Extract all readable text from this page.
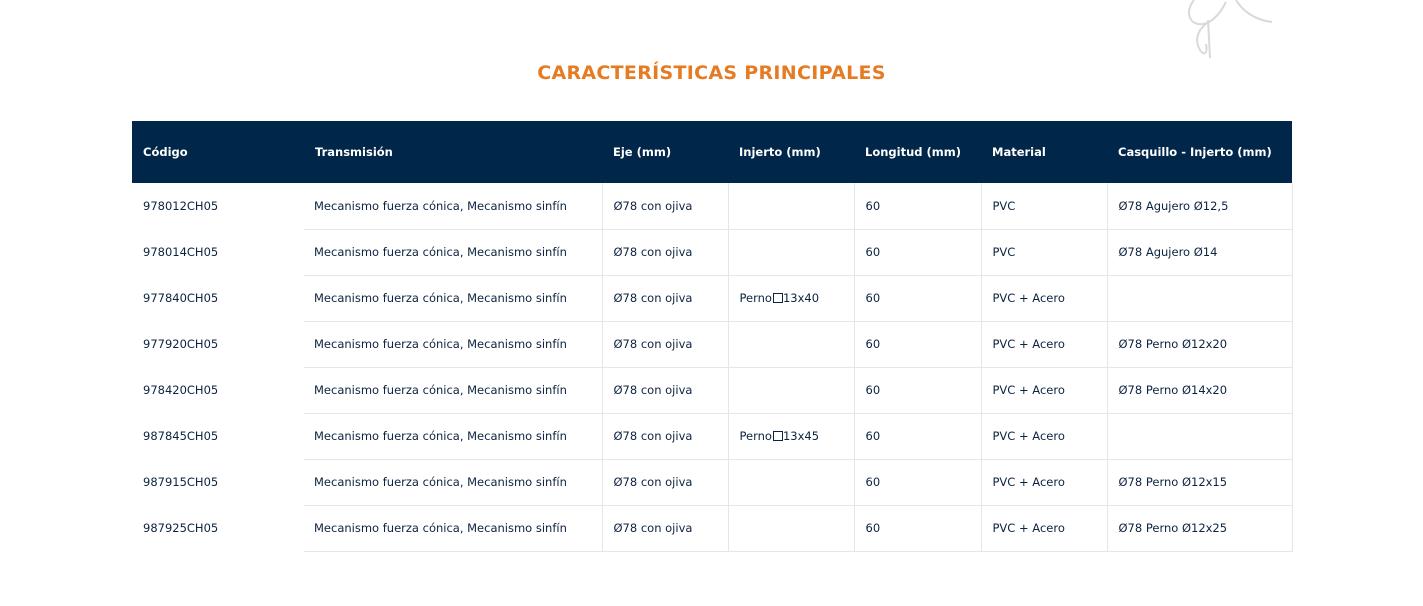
CARACTERÍSTICAS PRINCIPALES
Código	Transmisión	Eje (mm)	Injerto (mm)	Longitud (mm)	Material	Casquillo - Injerto (mm)
978012CH05	Mecanismo fuerza cónica, Mecanismo sinfín	Ø78 con ojiva		60	PVC	Ø78 Agujero Ø12,5
978014CH05	Mecanismo fuerza cónica, Mecanismo sinfín	Ø78 con ojiva		60	PVC	Ø78 Agujero Ø14
977840CH05	Mecanismo fuerza cónica, Mecanismo sinfín	Ø78 con ojiva	Perno 13x40	60	PVC + Acero	
977920CH05	Mecanismo fuerza cónica, Mecanismo sinfín	Ø78 con ojiva		60	PVC + Acero	Ø78 Perno Ø12x20
978420CH05	Mecanismo fuerza cónica, Mecanismo sinfín	Ø78 con ojiva		60	PVC + Acero	Ø78 Perno Ø14x20
987845CH05	Mecanismo fuerza cónica, Mecanismo sinfín	Ø78 con ojiva	Perno 13x45	60	PVC + Acero	
987915CH05	Mecanismo fuerza cónica, Mecanismo sinfín	Ø78 con ojiva		60	PVC + Acero	Ø78 Perno Ø12x15
987925CH05	Mecanismo fuerza cónica, Mecanismo sinfín	Ø78 con ojiva		60	PVC + Acero	Ø78 Perno Ø12x25
